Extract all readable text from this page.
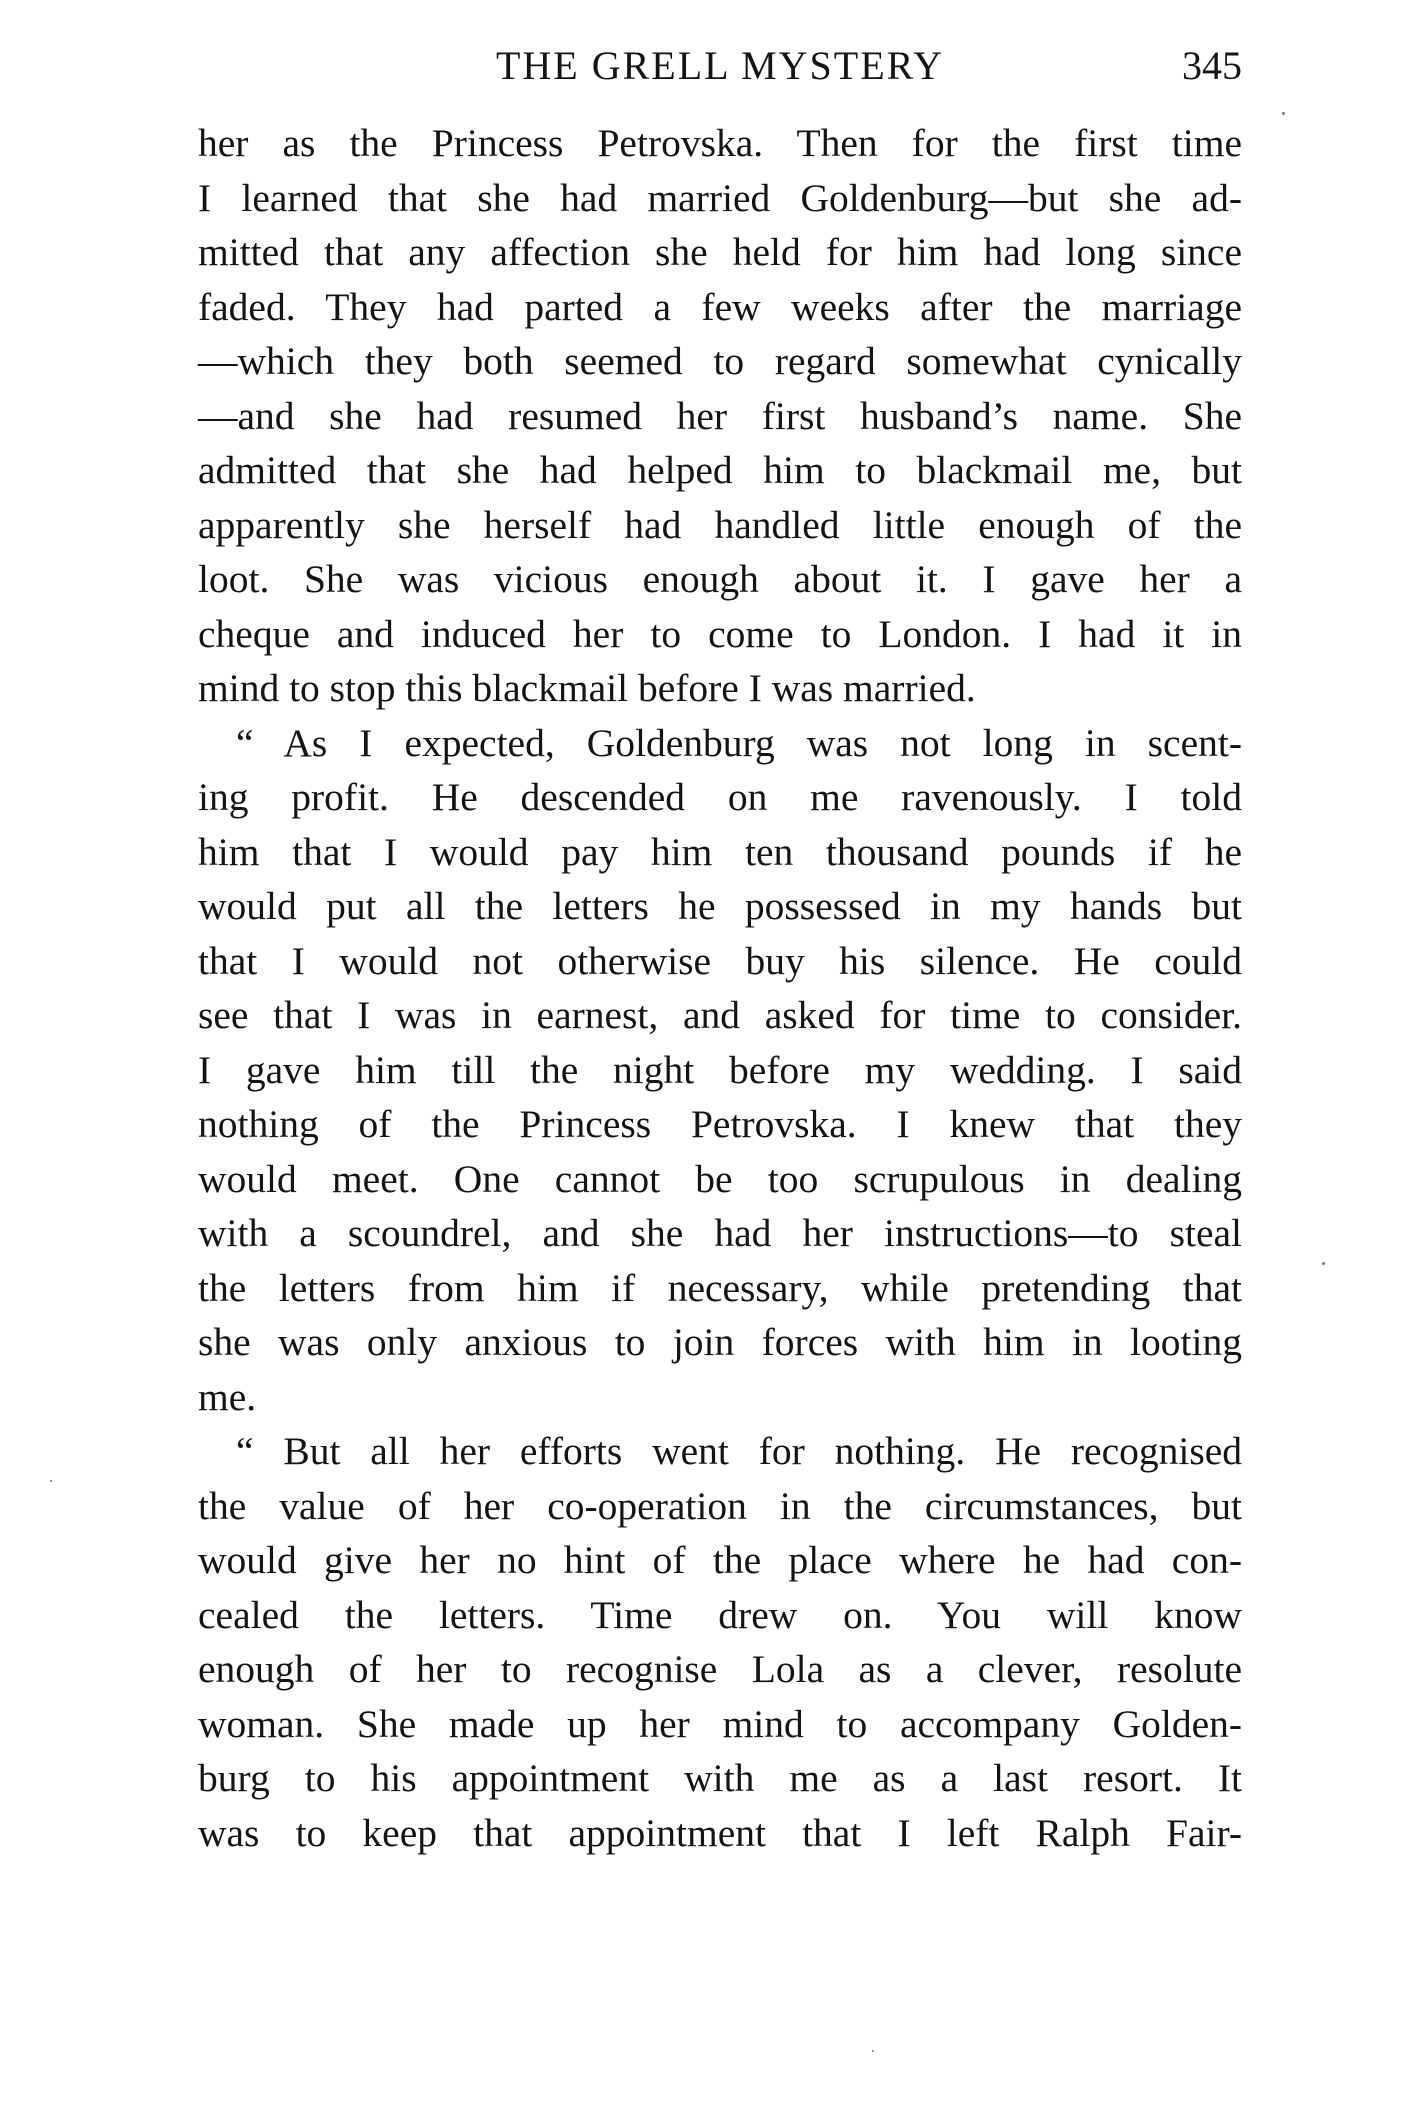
THE GRELL MYSTERY	345
her as the Princess Petrovska. Then for the first time
I learned that she had married Goldenburg—but she ad-
mitted that any affection she held for him had long since
faded. They had parted a few weeks after the marriage
—which they both seemed to regard somewhat cynically
—and she had resumed her first husband’s name. She
admitted that she had helped him to blackmail me, but
apparently she herself had handled little enough of the
loot. She was vicious enough about it. I gave her a
cheque and induced her to come to London. I had it in
mind to stop this blackmail before I was married.
“ As I expected, Goldenburg was not long in scent-
ing profit. He descended on me ravenously. I told
him that I would pay him ten thousand pounds if he
would put all the letters he possessed in my hands but
that I would not otherwise buy his silence. He could
see that I was in earnest, and asked for time to consider.
I gave him till the night before my wedding. I said
nothing of the Princess Petrovska. I knew that they
would meet. One cannot be too scrupulous in dealing
with a scoundrel, and she had her instructions—to steal
the letters from him if necessary, while pretending that
she was only anxious to join forces with him in looting
me.
“ But all her efforts went for nothing. He recognised
the value of her co-operation in the circumstances, but
would give her no hint of the place where he had con-
cealed the letters. Time drew on. You will know
enough of her to recognise Lola as a clever, resolute
woman. She made up her mind to accompany Golden-
burg to his appointment with me as a last resort. It
was to keep that appointment that I left Ralph Fair-
